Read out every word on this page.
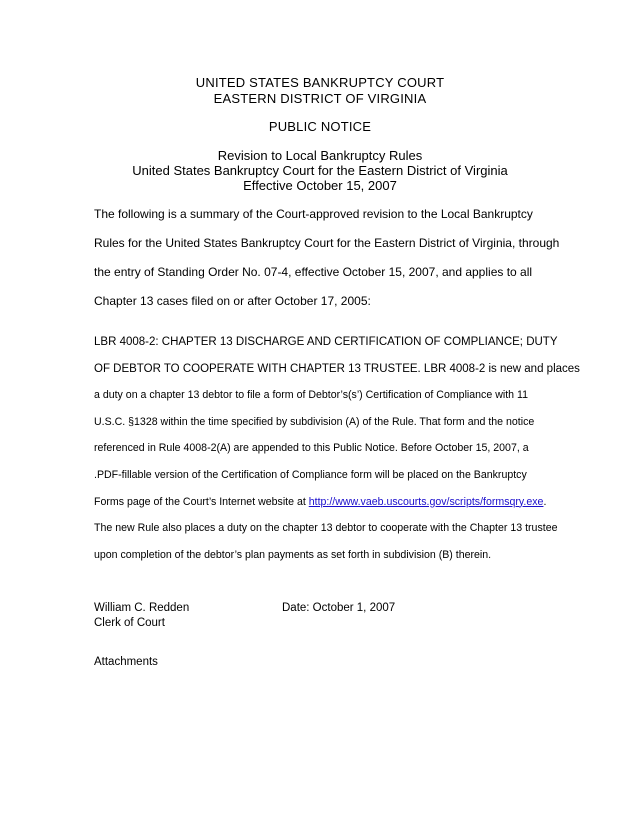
UNITED STATES BANKRUPTCY COURT
EASTERN DISTRICT OF VIRGINIA
PUBLIC NOTICE
Revision to Local Bankruptcy Rules
United States Bankruptcy Court for the Eastern District of Virginia
Effective October 15, 2007
The following is a summary of the Court-approved revision to the Local Bankruptcy
Rules for the United States Bankruptcy Court for the Eastern District of Virginia, through
the entry of Standing Order No. 07-4, effective October 15, 2007, and applies to all
Chapter 13 cases filed on or after October 17, 2005:
LBR 4008-2: CHAPTER 13 DISCHARGE AND CERTIFICATION OF COMPLIANCE; DUTY
OF DEBTOR TO COOPERATE WITH CHAPTER 13 TRUSTEE. LBR 4008-2 is new and places
a duty on a chapter 13 debtor to file a form of Debtor’s(s’) Certification of Compliance with 11
U.S.C. §1328 within the time specified by subdivision (A) of the Rule. That form and the notice
referenced in Rule 4008-2(A) are appended to this Public Notice. Before October 15, 2007, a
.PDF-fillable version of the Certification of Compliance form will be placed on the Bankruptcy
Forms page of the Court’s Internet website at http://www.vaeb.uscourts.gov/scripts/formsqry.exe.
The new Rule also places a duty on the chapter 13 debtor to cooperate with the Chapter 13 trustee
upon completion of the debtor’s plan payments as set forth in subdivision (B) therein.
William C. Redden
Clerk of Court
Date: October 1, 2007
Attachments
